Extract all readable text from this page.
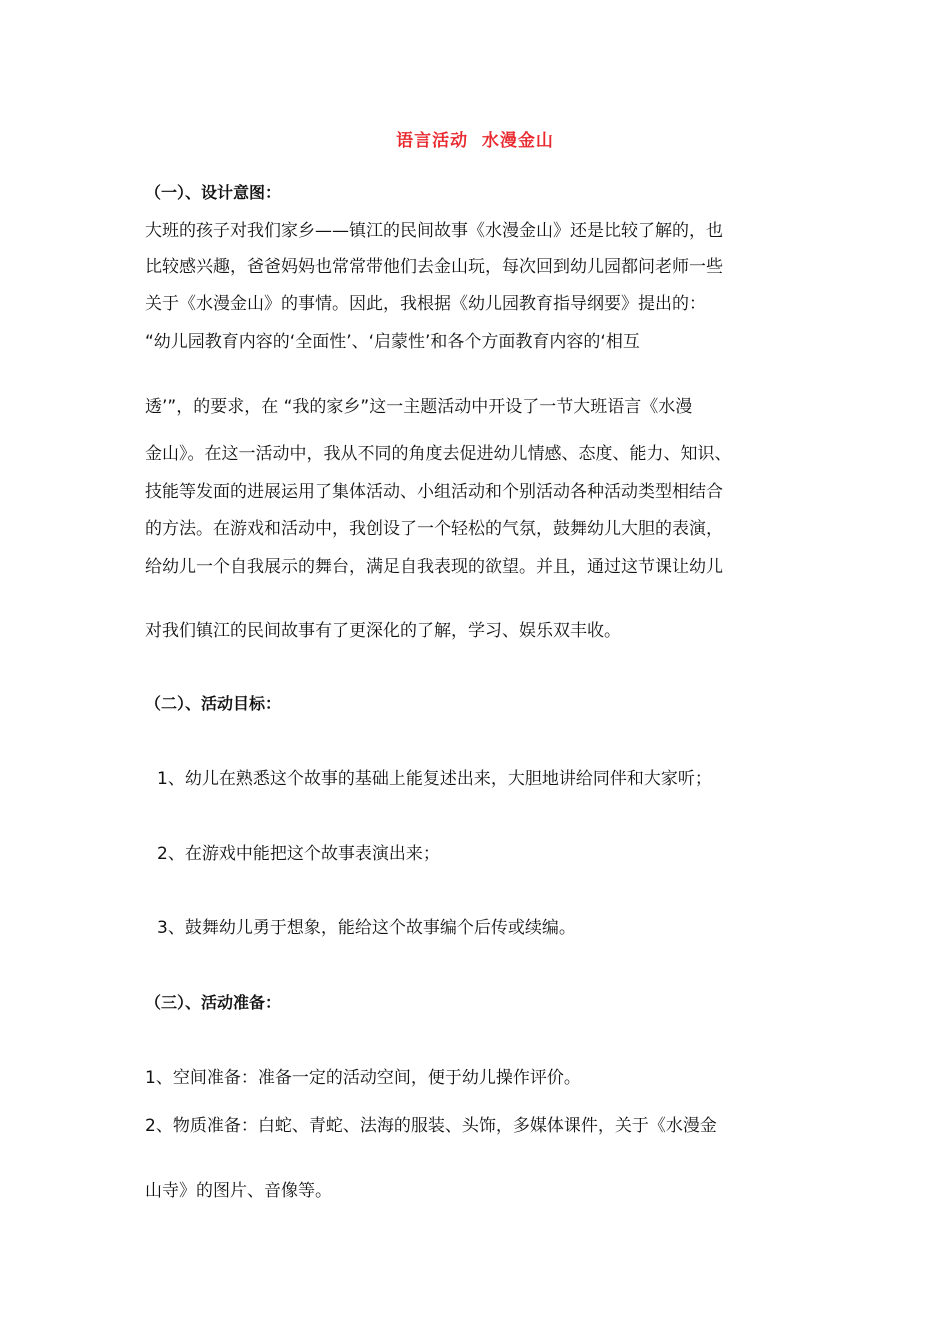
语言活动  水漫金山
（一）、设计意图：
大班的孩子对我们家乡——镇江的民间故事《水漫金山》还是比较了解的，也
比较感兴趣，爸爸妈妈也常常带他们去金山玩，每次回到幼儿园都问老师一些
关于《水漫金山》的事情。因此，我根据《幼儿园教育指导纲要》提出的：
“幼儿园教育内容的‘全面性’、‘启蒙性’和各个方面教育内容的‘相互
透’”，的要求，在 “我的家乡”这一主题活动中开设了一节大班语言《水漫
金山》。在这一活动中，我从不同的角度去促进幼儿情感、态度、能力、知识、
技能等发面的进展运用了集体活动、小组活动和个别活动各种活动类型相结合
的方法。在游戏和活动中，我创设了一个轻松的气氛，鼓舞幼儿大胆的表演，
给幼儿一个自我展示的舞台，满足自我表现的欲望。并且，通过这节课让幼儿
对我们镇江的民间故事有了更深化的了解，学习、娱乐双丰收。
（二）、活动目标：
1、幼儿在熟悉这个故事的基础上能复述出来，大胆地讲给同伴和大家听；
2、在游戏中能把这个故事表演出来；
3、鼓舞幼儿勇于想象，能给这个故事编个后传或续编。
（三）、活动准备：
1、空间准备：准备一定的活动空间，便于幼儿操作评价。
2、物质准备：白蛇、青蛇、法海的服装、头饰，多媒体课件，关于《水漫金
山寺》的图片、音像等。
